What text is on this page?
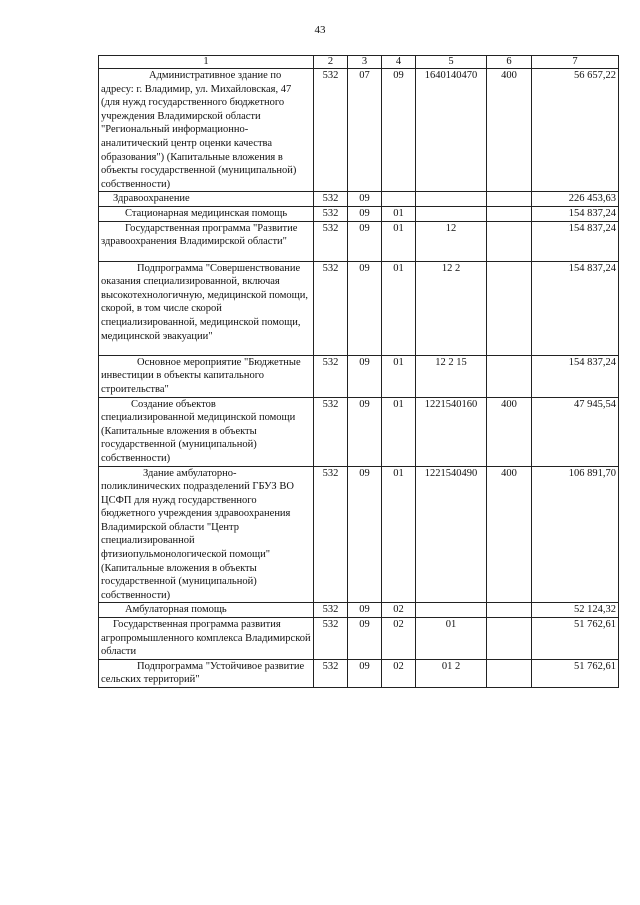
43
1	2	3	4	5	6	7
Административное здание по адресу: г. Владимир, ул. Михайловская, 47 (для нужд государственного бюджетного учреждения Владимирской области "Региональный информационно-аналитический центр оценки качества образования") (Капитальные вложения в объекты государственной (муниципальной) собственности)	532	07	09	1640140470	400	56 657,22
Здравоохранение	532	09				226 453,63
Стационарная медицинская помощь	532	09	01			154 837,24
Государственная программа "Развитие здравоохранения Владимирской области"	532	09	01	12		154 837,24
Подпрограмма "Совершенствование оказания специализированной, включая высокотехнологичную, медицинской помощи, скорой, в том числе скорой специализированной, медицинской помощи, медицинской эвакуации"	532	09	01	12 2		154 837,24
Основное мероприятие "Бюджетные инвестиции в объекты капитального строительства"	532	09	01	12 2 15		154 837,24
Создание объектов специализированной медицинской помощи (Капитальные вложения в объекты государственной (муниципальной) собственности)	532	09	01	1221540160	400	47 945,54
Здание амбулаторно-поликлинических подразделений ГБУЗ ВО ЦСФП для нужд государственного бюджетного учреждения здравоохранения Владимирской области "Центр специализированной фтизиопульмонологической помощи" (Капитальные вложения в объекты государственной (муниципальной) собственности)	532	09	01	1221540490	400	106 891,70
Амбулаторная помощь	532	09	02			52 124,32
Государственная программа развития агропромышленного комплекса Владимирской области	532	09	02	01		51 762,61
Подпрограмма "Устойчивое развитие сельских территорий"	532	09	02	01 2		51 762,61
